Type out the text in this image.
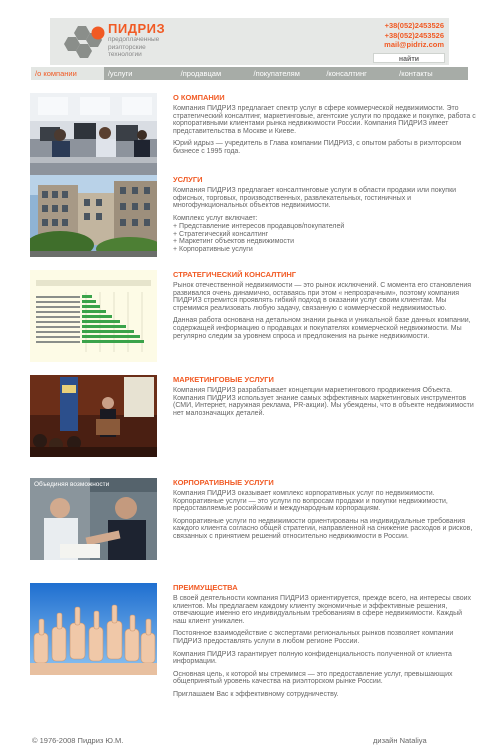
ПИДРИЗ
предоплаченные
риэлторские
технологии
+38(052)2453526
+38(052)2453526
mail@pidriz.com
найти
/о компании	/услуги	/продавцам	/покупателям	/консалтинг	/контакты
О КОМПАНИИ

Компания ПИДРИЗ предлагает спектр услуг в сфере коммерческой недвижимости. Это стратегический консалтинг, маркетинговые, агентские услуги по продаже и покупке, работа с корпоративными клиентами рынка недвижимости России. Компания ПИДРИЗ имеет представительства в Москве и Киеве.

Юрий идрыз — учредитель в Глава компании ПИДРИЗ, с опытом работы в риэлторском бизнесе с 1995 года.

УСЛУГИ

Компания ПИДРИЗ предлагает консалтинговые услуги в области продажи или покупки офисных, торговых, производственных, развлекательных, гостиничных и многофункциональных объектов недвижимости.

Комплекс услуг включает:

+ Представление интересов продавцов/покупателей
+ Стратегический консалтинг
+ Маркетинг объектов недвижимости
+ Корпоративные услуги
СТРАТЕГИЧЕСКИЙ КОНСАЛТИНГ

Рынок отечественной недвижимости — это рынок исключений. С момента его становления развивался очень динамично, оставаясь при этом « непрозрачным», поэтому компания ПИДРИЗ стремится проявлять гибкий подход в оказании услуг своим клиентам. Мы стремимся реализовать любую задачу, связанную с коммерческой недвижимостью.

Данная работа основана на детальном знании рынка и уникальной базе данных компании, содержащей информацию о продавцах и покупателях коммерческой недвижимости. Мы регулярно следим за уровнем спроса и предложения на рынке недвижимости.

МАРКЕТИНГОВЫЕ УСЛУГИ

Компания ПИДРИЗ разрабатывает концепции маркетингового продвижения Объекта. Компания ПИДРИЗ использует знание самых эффективных маркетинговых инструментов (СМИ, Интернет, наружная реклама, PR-акции). Мы убеждены, что в объекте недвижимости нет малозначащих деталей.

Объединяя возможности	КОРПОРАТИВНЫЕ УСЛУГИ

Компания ПИДРИЗ оказывает комплекс корпоративных услуг по недвижимости. Корпоративные услуги — это услуги по вопросам продажи и покупки недвижимости, предоставляемые российским и международным корпорациям.

Корпоративные услуги по недвижимости ориентированы на индивидуальные требования каждого клиента согласно общей стратегии, направленной на снижение расходов и рисков, связанных с принятием решений относительно недвижимости в России.

ПРЕИМУЩЕСТВА

В своей деятельности компания ПИДРИЗ ориентируется, прежде всего, на интересы своих клиентов. Мы предлагаем каждому клиенту экономичные и эффективные решения, отвечающие именно его индивидуальным требованиям в сфере недвижимости. Каждый наш клиент уникален.

Постоянное взаимодействие с экспертами региональных рынков позволяет компании ПИДРИЗ предоставлять услуги в любом регионе России.

Компания ПИДРИЗ гарантирует полную конфиденциальность полученной от клиента информации.

Основная цель, к которой мы стремимся — это предоставление услуг, превышающих общепринятый уровень качества на риэлторском рынке России.

Приглашаем Вас к эффективному сотрудничеству.

© 1976-2008 Пидриз Ю.М.	дизайн Nataliya
